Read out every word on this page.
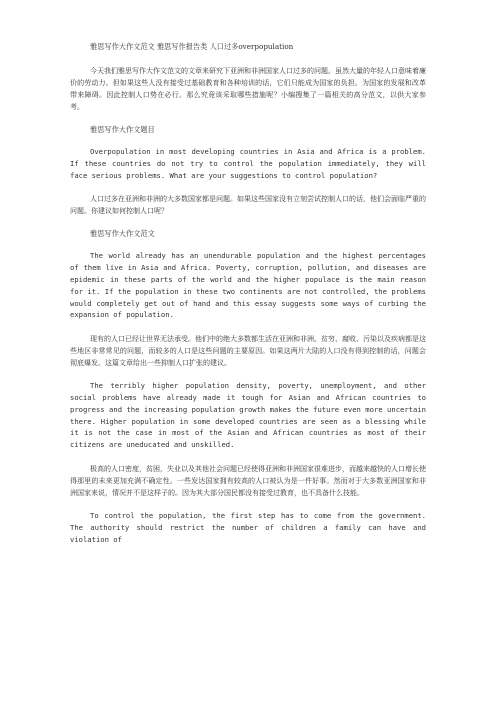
雅思写作大作文范文 雅思写作报告类 人口过多overpopulation

今天我们雅思写作大作文范文的文章来研究下亚洲和非洲国家人口过多的问题。虽然大量的年轻人口意味着廉价的劳动力。但如果这些人没有接受过基础教育和各种培训的话，它们只能成为国家的负担。为国家的发展和改革带来障碍。因此控制人口势在必行。那么究竟该采取哪些措施呢？小编搜集了一篇相关的高分范文，以供大家参考。

雅思写作大作文题目

Overpopulation in most developing countries in Asia and Africa is a problem. If these countries do not try to control the population immediately, they will face serious problems. What are your suggestions to control population?

人口过多在亚洲和非洲的大多数国家都是问题。如果这些国家没有立刻尝试控制人口的话，他们会面临严重的问题。你建议如何控制人口呢？

雅思写作大作文范文

The world already has an unendurable population and the highest percentages of them live in Asia and Africa. Poverty, corruption, pollution, and diseases are epidemic in these parts of the world and the higher populace is the main reason for it. If the population in these two continents are not controlled, the problems would completely get out of hand and this essay suggests some ways of curbing the expansion of population.

现有的人口已经让世界无法承受。他们中的绝大多数都生活在亚洲和非洲。贫穷、腐败、污染以及疾病都是这些地区非常常见的问题，而较多的人口是这些问题的主要原因。如果这两片大陆的人口没有得到控制的话，问题会彻底爆发。这篇文章给出一些抑制人口扩张的建议。

The terribly higher population density, poverty, unemployment, and other social problems have already made it tough for Asian and African countries to progress and the increasing population growth makes the future even more uncertain there. Higher population in some developed countries are seen as a blessing while it is not the case in most of the Asian and African countries as most of their citizens are uneducated and unskilled.

极高的人口密度，贫困，失业以及其他社会问题已经使得亚洲和非洲国家很难进步，而越来越快的人口增长使得那里的未来更加充满不确定性。一些发达国家拥有较高的人口被认为是一件好事。然而对于大多数亚洲国家和非洲国家来说，情况并不是这样子的。因为其大部分国民都没有接受过教育，也不具备什么技能。

To control the population, the first step has to come from the government. The authority should restrict the number of children a family can have and violation of
